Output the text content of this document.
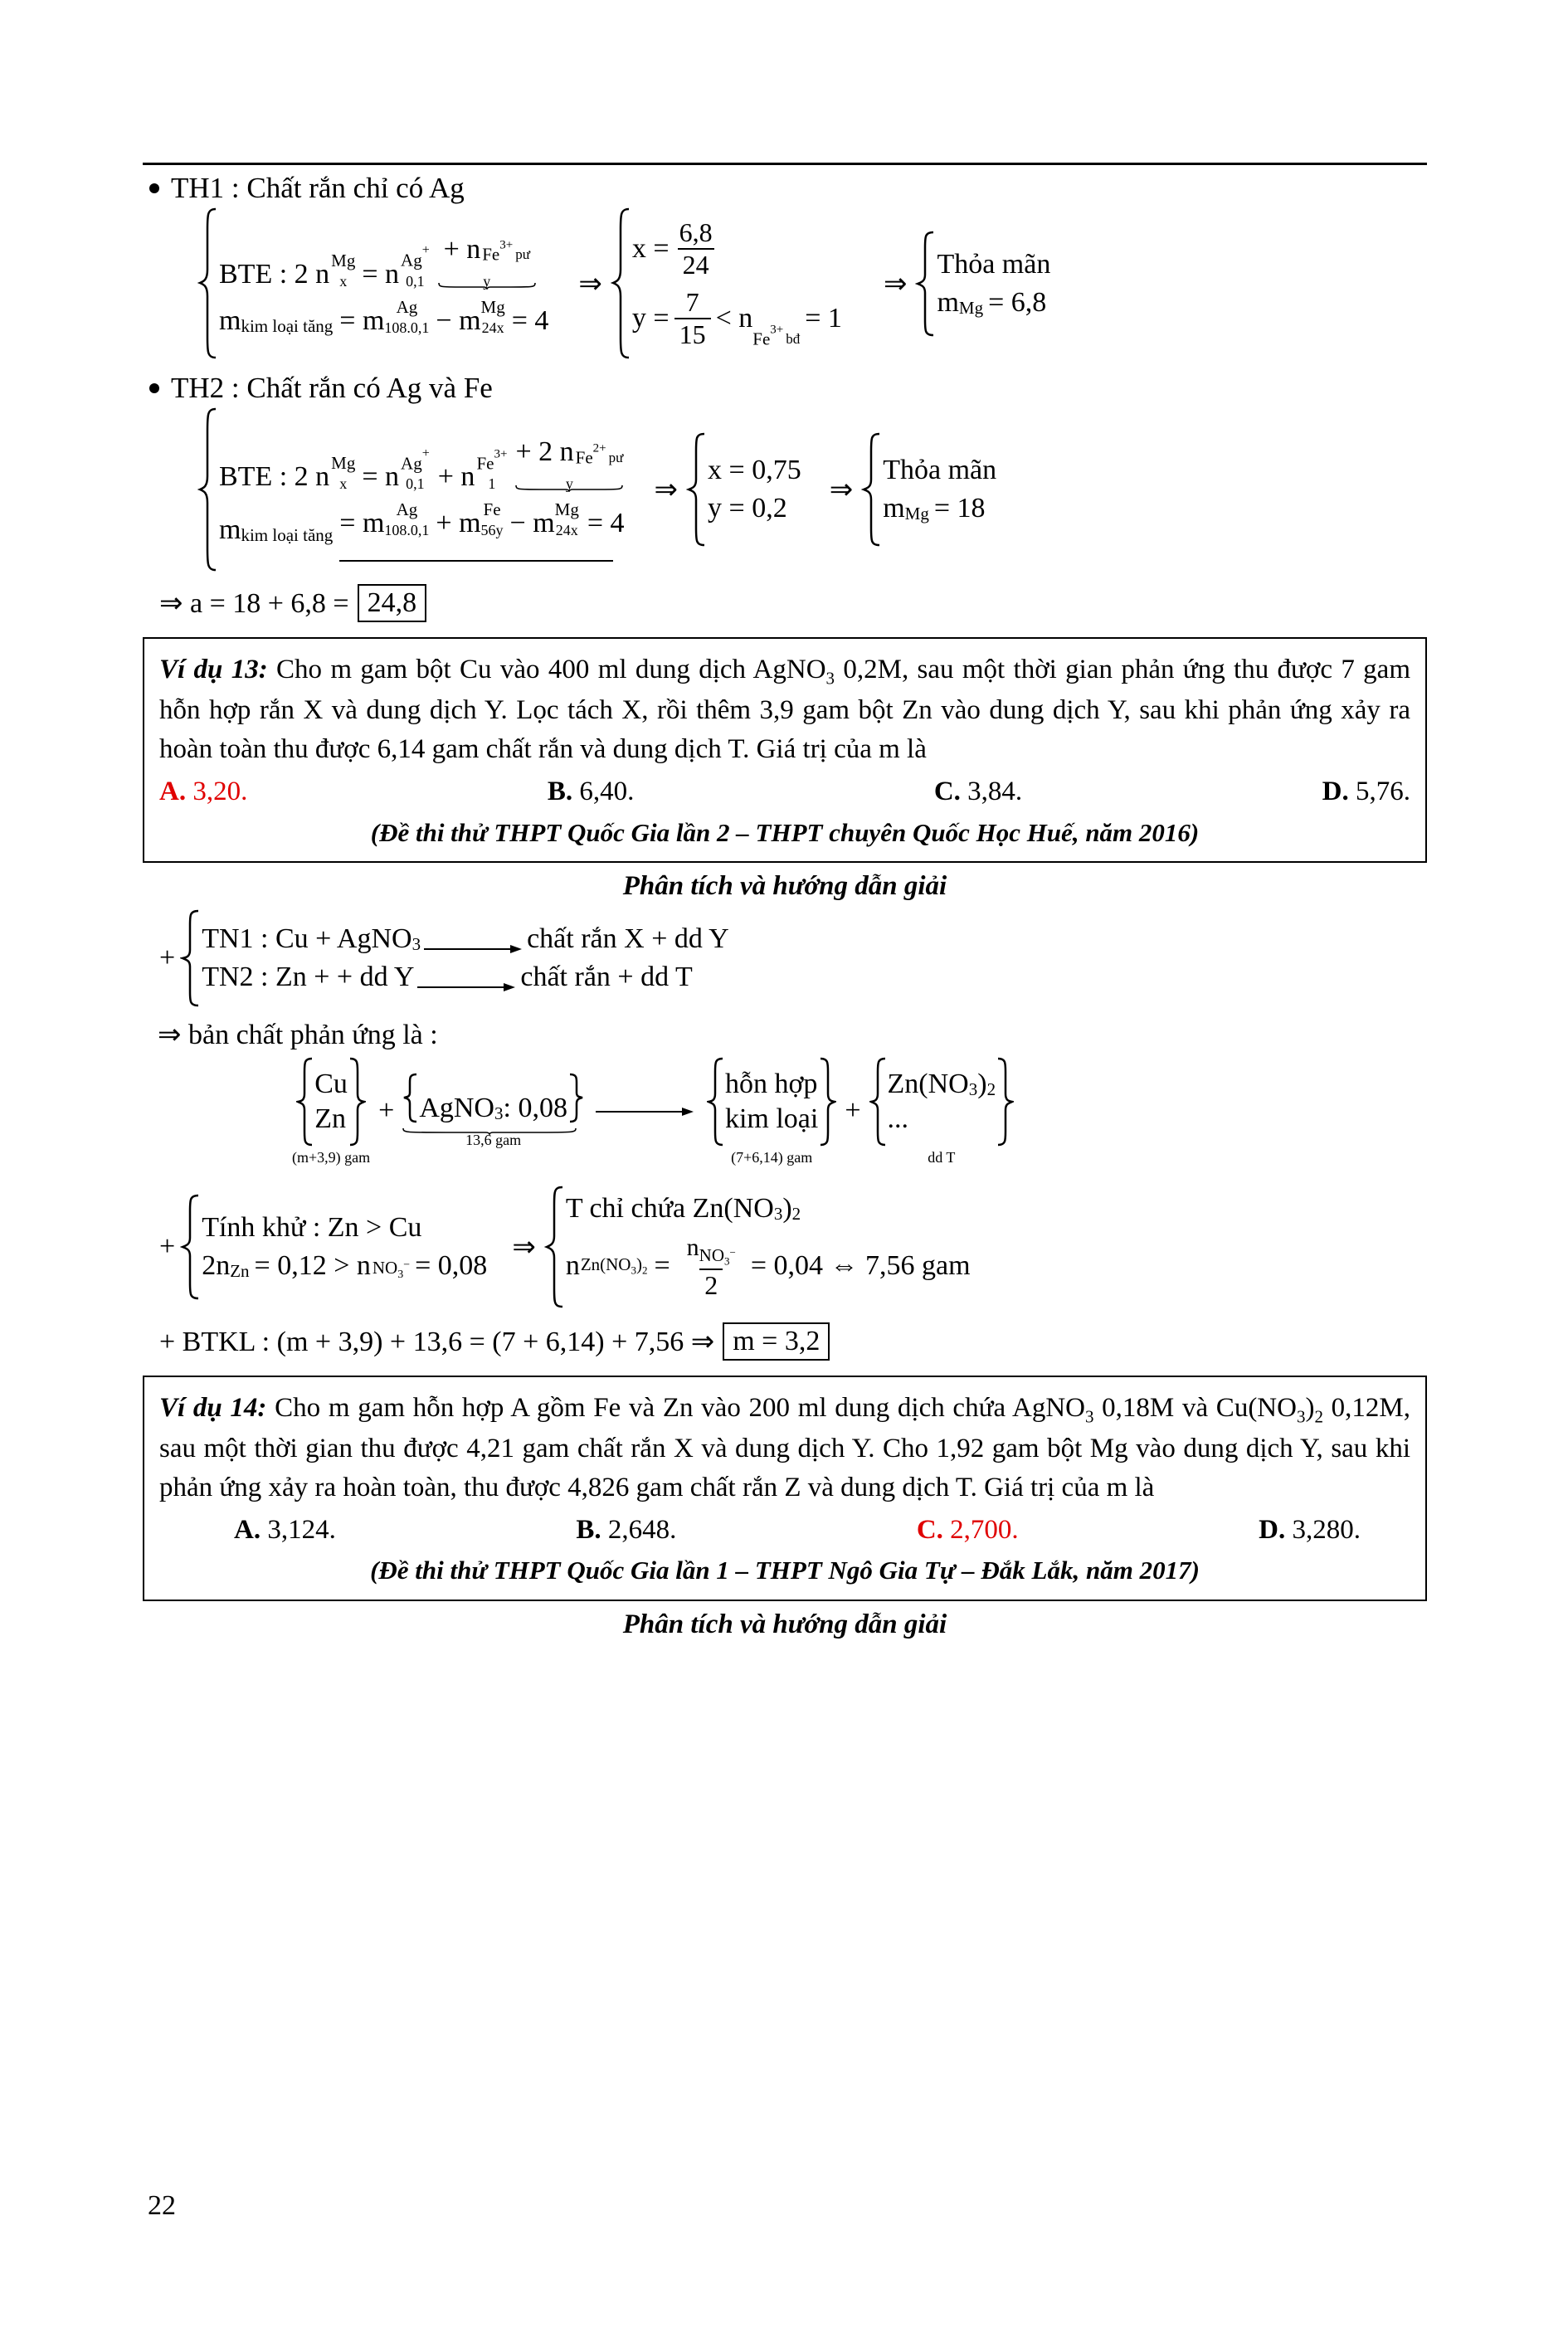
TH1 : Chất rắn chỉ có Ag
BTE : 2 n Mg
x = n $_{Ag}$+
0,1
+ n $_{Fe}^{3+}_{pư}$
y
m kim loại tăng = m Ag
108.0,1 − m Mg
24x = 4
⇒
$x = \frac{6,8}{24}$
$y = \frac{7}{15} < n$
$_{Fe}^{3+}_{bđ}$
= 1
⇒
Thỏa mãn
m Mg = 6,8
TH2 : Chất rắn có Ag và Fe
BTE : 2 n Mg
x = n $_{Ag}$+
0,1 + n $_{Fe}^{3+}$
1
+ 2 n $_{Fe}^{2+}_{pư}$
y
m kim loại tăng = m Ag
108.0,1 + m Fe
56y − m Mg
24x = 4
⇒
x = 0,75
y = 0,2
⇒
Thỏa mãn
m Mg = 18
⇒ a = 18 + 6,8 = 24,8
Ví dụ 13: Cho m gam bột Cu vào 400 ml dung dịch AgNO$_3$ 0,2M, sau một thời gian phản ứng thu được 7 gam hỗn hợp rắn X và dung dịch Y. Lọc tách X, rồi thêm 3,9 gam bột Zn vào dung dịch Y, sau khi phản ứng xảy ra hoàn toàn thu được 6,14 gam chất rắn và dung dịch T. Giá trị của m là
A. 3,20.	B. 6,40.	C. 3,84.	D. 5,76.
(Đề thi thử THPT Quốc Gia lần 2 – THPT chuyên Quốc Học Huế, năm 2016)
Phân tích và hướng dẫn giải
+
TN1 : Cu + AgNO 3 → chất rắn X + dd Y
TN2 : Zn + + dd Y → chất rắn + dd T
⇒ bản chất phản ứng là :
Cu
Zn
(m+3,9) gam
+ AgNO 3 : 0,08
13,6 gam
hỗn hợp
kim loại
(7+6,14) gam
+
Zn(NO 3 ) 2
...
dd T
+
Tính khử : Zn > Cu
2n Zn = 0,12 > n $NO_3^- = 0,08$
⇒
T chỉ chứa Zn(NO 3 ) 2
n $Zn(NO_3)_2 = \frac{n_{NO_3^-}}{2} = 0,04$ ⇔ 7,56 gam
+ BTKL : (m + 3,9) + 13,6 = (7 + 6,14) + 7,56 ⇒ m = 3,2
Ví dụ 14: Cho m gam hỗn hợp A gồm Fe và Zn vào 200 ml dung dịch chứa AgNO$_3$ 0,18M và $Cu(NO_3)_2$ 0,12M, sau một thời gian thu được 4,21 gam chất rắn X và dung dịch Y. Cho 1,92 gam bột Mg vào dung dịch Y, sau khi phản ứng xảy ra hoàn toàn, thu được 4,826 gam chất rắn Z và dung dịch T. Giá trị của m là
A. 3,124.	B. 2,648.	C. 2,700.	D. 3,280.
(Đề thi thử THPT Quốc Gia lần 1 – THPT Ngô Gia Tự – Đắk Lắk, năm 2017)
Phân tích và hướng dẫn giải
22
